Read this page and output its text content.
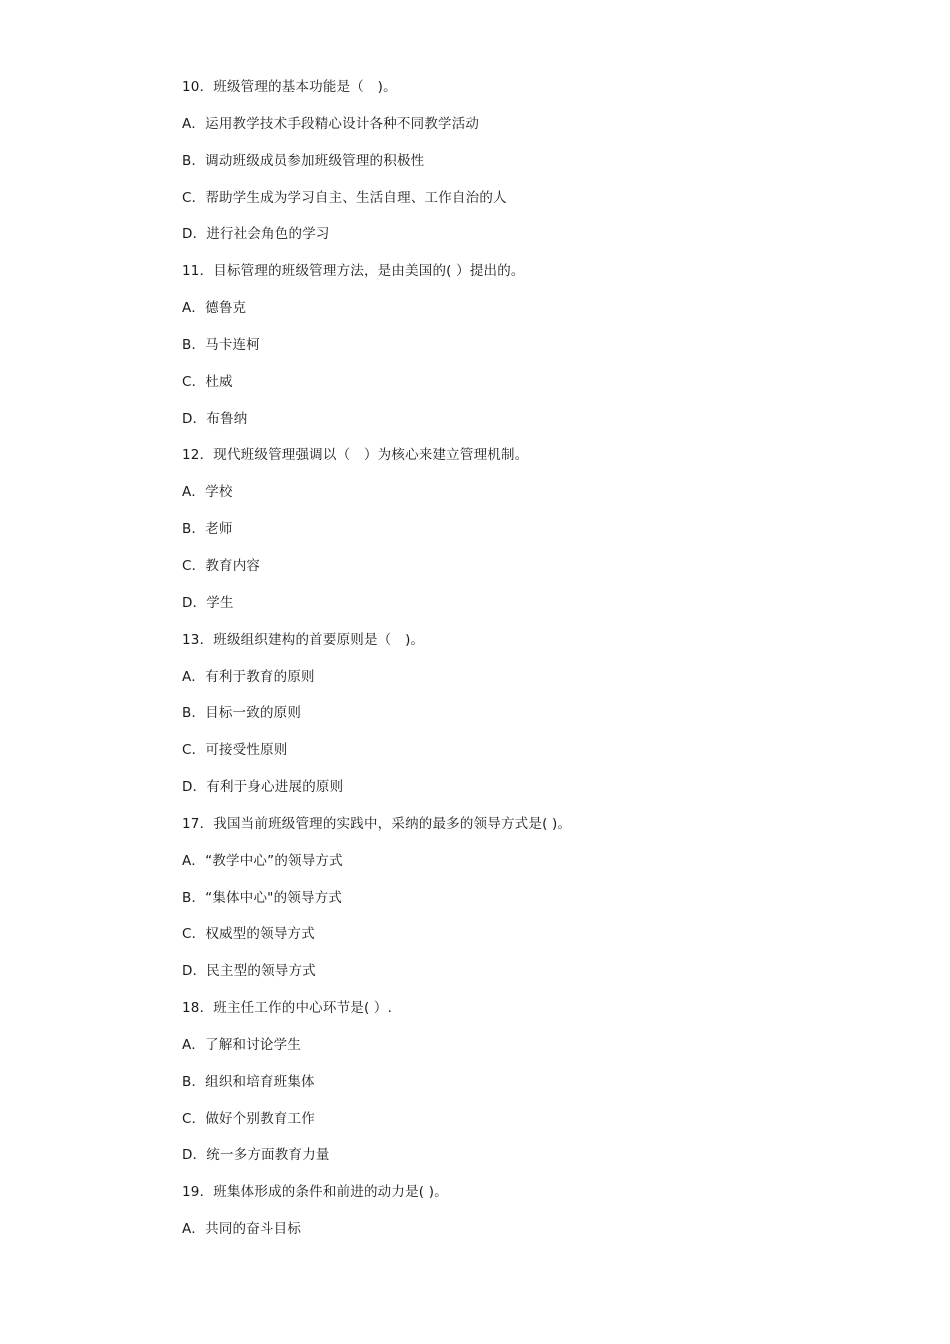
10．班级管理的基本功能是（　)。
A．运用教学技术手段精心设计各种不同教学活动
B．调动班级成员参加班级管理的积极性
C．帮助学生成为学习自主、生活自理、工作自治的人
D．进行社会角色的学习
11．目标管理的班级管理方法，是由美国的( ）提出的。
A．德鲁克
B．马卡连柯
C．杜威
D．布鲁纳
12．现代班级管理强调以（　）为核心来建立管理机制。
A．学校
B．老师
C．教育内容
D．学生
13．班级组织建构的首要原则是（　)。
A．有利于教育的原则
B．目标一致的原则
C．可接受性原则
D．有利于身心进展的原则
17．我国当前班级管理的实践中，采纳的最多的领导方式是( )。
A．“教学中心”的领导方式
B．“集体中心"的领导方式
C．权威型的领导方式
D．民主型的领导方式
18．班主任工作的中心环节是( ）.
A．了解和讨论学生
B．组织和培育班集体
C．做好个别教育工作
D．统一多方面教育力量
19．班集体形成的条件和前进的动力是( )。
A．共同的奋斗目标
